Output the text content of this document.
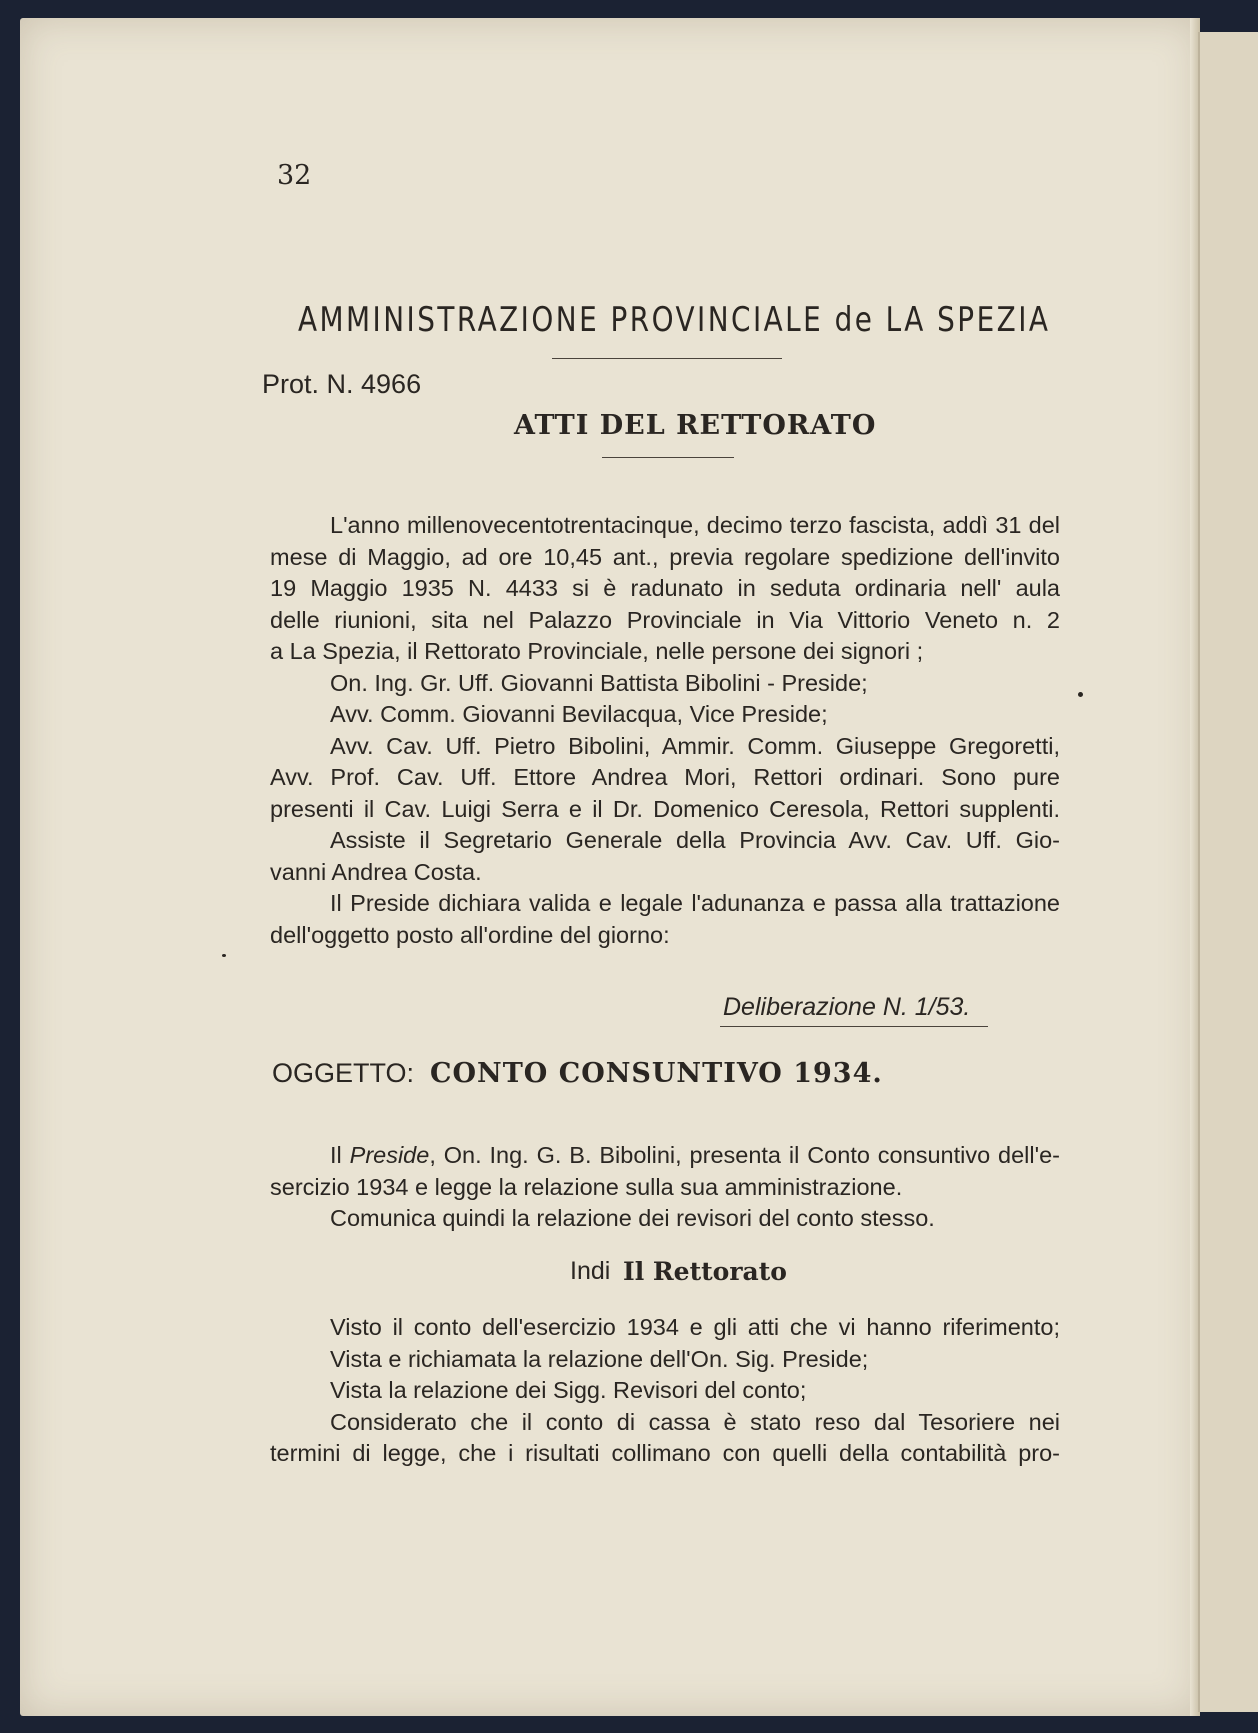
32
AMMINISTRAZIONE PROVINCIALE de LA SPEZIA
Prot. N. 4966
ATTI DEL RETTORATO
L'anno millenovecentotrentacinque, decimo terzo fascista, addì 31 del
mese di Maggio, ad ore 10,45 ant., previa regolare spedizione dell'invito
19 Maggio 1935 N. 4433 si è radunato in seduta ordinaria nell' aula
delle riunioni, sita nel Palazzo Provinciale in Via Vittorio Veneto n. 2
a La Spezia, il Rettorato Provinciale, nelle persone dei signori ;
On. Ing. Gr. Uff. Giovanni Battista Bibolini - Preside;
Avv. Comm. Giovanni Bevilacqua, Vice Preside;
Avv. Cav. Uff. Pietro Bibolini, Ammir. Comm. Giuseppe Gregoretti,
Avv. Prof. Cav. Uff. Ettore Andrea Mori, Rettori ordinari. Sono pure
presenti il Cav. Luigi Serra e il Dr. Domenico Ceresola, Rettori supplenti.
Assiste il Segretario Generale della Provincia Avv. Cav. Uff. Gio-
vanni Andrea Costa.
Il Preside dichiara valida e legale l'adunanza e passa alla trattazione
dell'oggetto posto all'ordine del giorno:
Deliberazione N. 1/53.
OGGETTO: CONTO CONSUNTIVO 1934.
Il Preside, On. Ing. G. B. Bibolini, presenta il Conto consuntivo dell'e-
sercizio 1934 e legge la relazione sulla sua amministrazione.
Comunica quindi la relazione dei revisori del conto stesso.
Indi Il Rettorato
Visto il conto dell'esercizio 1934 e gli atti che vi hanno riferimento;
Vista e richiamata la relazione dell'On. Sig. Preside;
Vista la relazione dei Sigg. Revisori del conto;
Considerato che il conto di cassa è stato reso dal Tesoriere nei
termini di legge, che i risultati collimano con quelli della contabilità pro-
